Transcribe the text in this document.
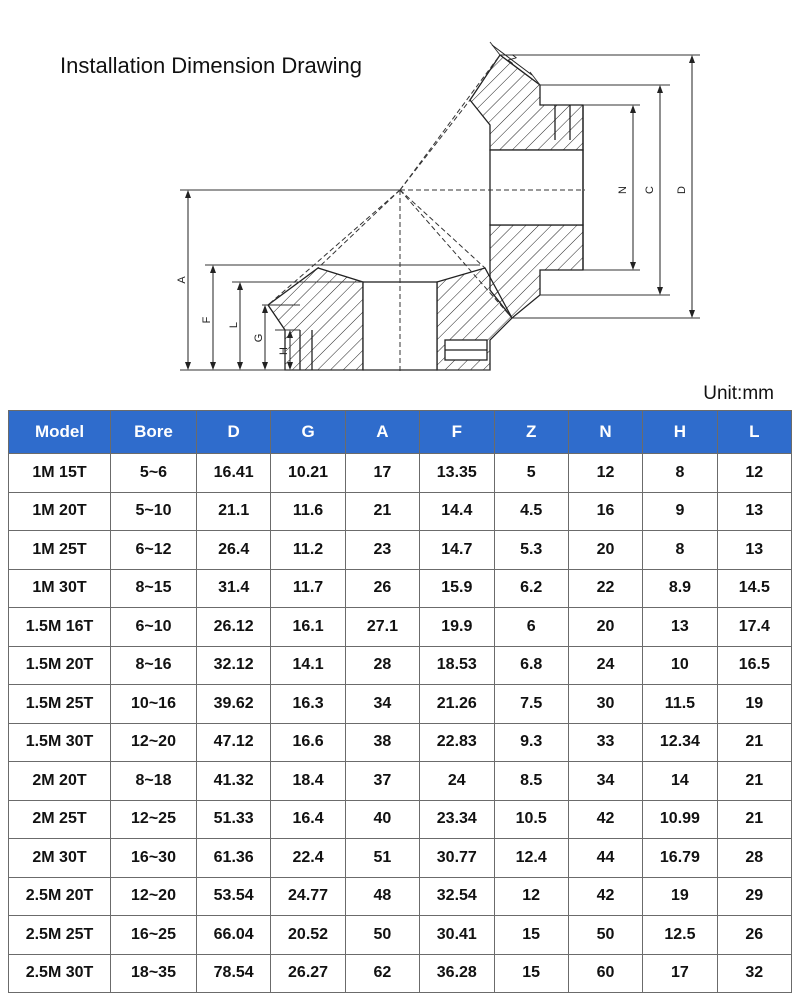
Installation Dimension Drawing	Z
N C D
A
F
L
G
H
Unit:mm
Model	Bore	D	G	A	F	Z	N	H	L
1M 15T	5~6	16.41	10.21	17	13.35	5	12	8	12
1M 20T	5~10	21.1	11.6	21	14.4	4.5	16	9	13
1M 25T	6~12	26.4	11.2	23	14.7	5.3	20	8	13
1M 30T	8~15	31.4	11.7	26	15.9	6.2	22	8.9	14.5
1.5M 16T	6~10	26.12	16.1	27.1	19.9	6	20	13	17.4
1.5M 20T	8~16	32.12	14.1	28	18.53	6.8	24	10	16.5
1.5M 25T	10~16	39.62	16.3	34	21.26	7.5	30	11.5	19
1.5M 30T	12~20	47.12	16.6	38	22.83	9.3	33	12.34	21
2M 20T	8~18	41.32	18.4	37	24	8.5	34	14	21
2M 25T	12~25	51.33	16.4	40	23.34	10.5	42	10.99	21
2M 30T	16~30	61.36	22.4	51	30.77	12.4	44	16.79	28
2.5M 20T	12~20	53.54	24.77	48	32.54	12	42	19	29
2.5M 25T	16~25	66.04	20.52	50	30.41	15	50	12.5	26
2.5M 30T	18~35	78.54	26.27	62	36.28	15	60	17	32
